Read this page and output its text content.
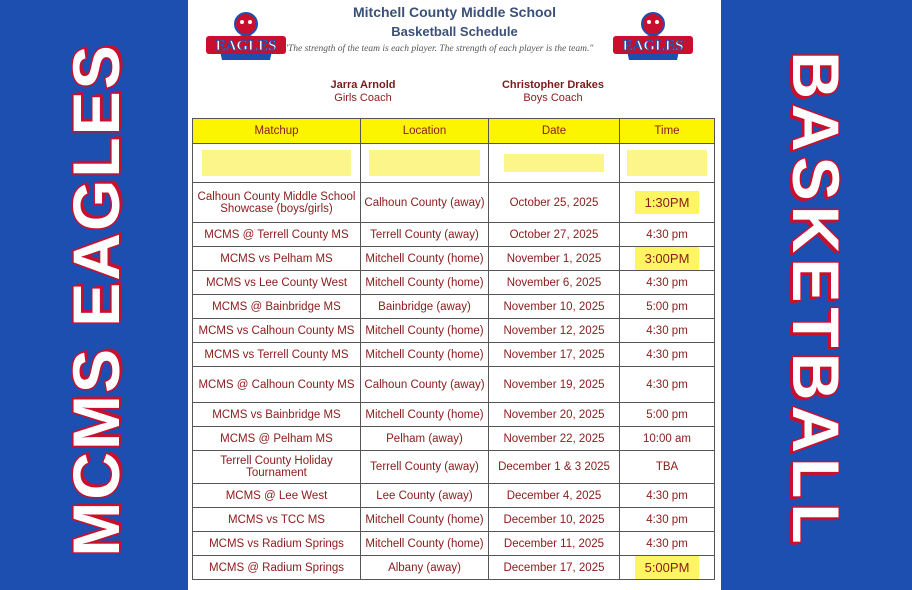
MCMS EAGLES	BASKETBALL
EAGLES	EAGLES
Mitchell County Middle School
Basketball Schedule
"The strength of the team is each player. The strength of each player is the team."
Jarra Arnold
Girls Coach
Christopher Drakes
Boys Coach
Matchup	Location	Date	Time

Calhoun County Middle School Showcase (boys/girls)	Calhoun County (away)	October 25, 2025	1:30PM
MCMS @ Terrell County MS	Terrell County (away)	October 27, 2025	4:30 pm
MCMS vs Pelham MS	Mitchell County (home)	November 1, 2025	3:00PM
MCMS vs Lee County West	Mitchell County (home)	November 6, 2025	4:30 pm
MCMS @ Bainbridge MS	Bainbridge (away)	November 10, 2025	5:00 pm
MCMS vs Calhoun County MS	Mitchell County (home)	November 12, 2025	4:30 pm
MCMS vs Terrell County MS	Mitchell County (home)	November 17, 2025	4:30 pm
MCMS @ Calhoun County MS	Calhoun County (away)	November 19, 2025	4:30 pm
MCMS vs Bainbridge MS	Mitchell County (home)	November 20, 2025	5:00 pm
MCMS @ Pelham MS	Pelham (away)	November 22, 2025	10:00 am
Terrell County Holiday Tournament	Terrell County (away)	December 1 & 3 2025	TBA
MCMS @ Lee West	Lee County (away)	December 4, 2025	4:30 pm
MCMS vs TCC MS	Mitchell County (home)	December 10, 2025	4:30 pm
MCMS vs Radium Springs	Mitchell County (home)	December 11, 2025	4:30 pm
MCMS @ Radium Springs	Albany (away)	December 17, 2025	5:00PM
